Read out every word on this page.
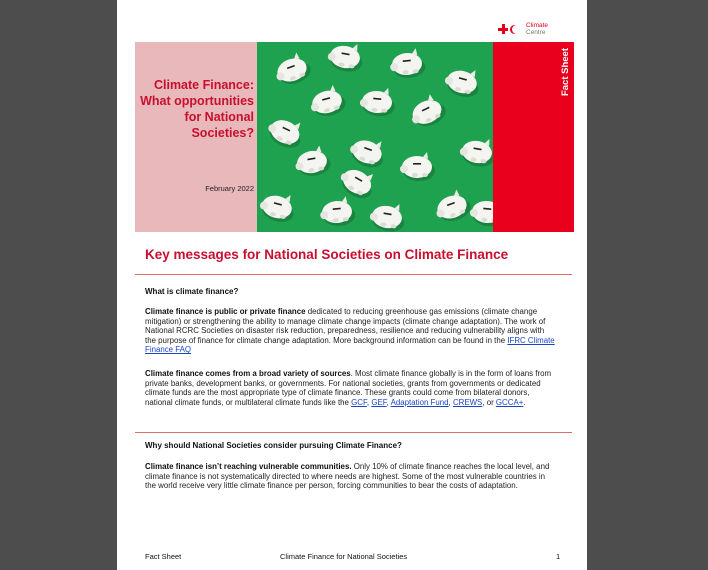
Climate
Centre
Climate Finance: What opportunities for National Societies?
February 2022
Fact Sheet
Key messages for National Societies on Climate Finance
What is climate finance?
Climate finance is public or private finance dedicated to reducing greenhouse gas emissions (climate change mitigation) or strengthening the ability to manage climate change impacts (climate change adaptation). The work of National RCRC Societies on disaster risk reduction, preparedness, resilience and reducing vulnerability aligns with the purpose of finance for climate change adaptation. More background information can be found in the IFRC Climate Finance FAQ
Climate finance comes from a broad variety of sources. Most climate finance globally is in the form of loans from private banks, development banks, or governments. For national societies, grants from governments or dedicated climate funds are the most appropriate type of climate finance. These grants could come from bilateral donors, national climate funds, or multilateral climate funds like the GCF, GEF, Adaptation Fund, CREWS, or GCCA+.
Why should National Societies consider pursuing Climate Finance?
Climate finance isn’t reaching vulnerable communities. Only 10% of climate finance reaches the local level, and climate finance is not systematically directed to where needs are highest. Some of the most vulnerable countries in the world receive very little climate finance per person, forcing communities to bear the costs of adaptation.
Fact Sheet	Climate Finance for National Societies	1
